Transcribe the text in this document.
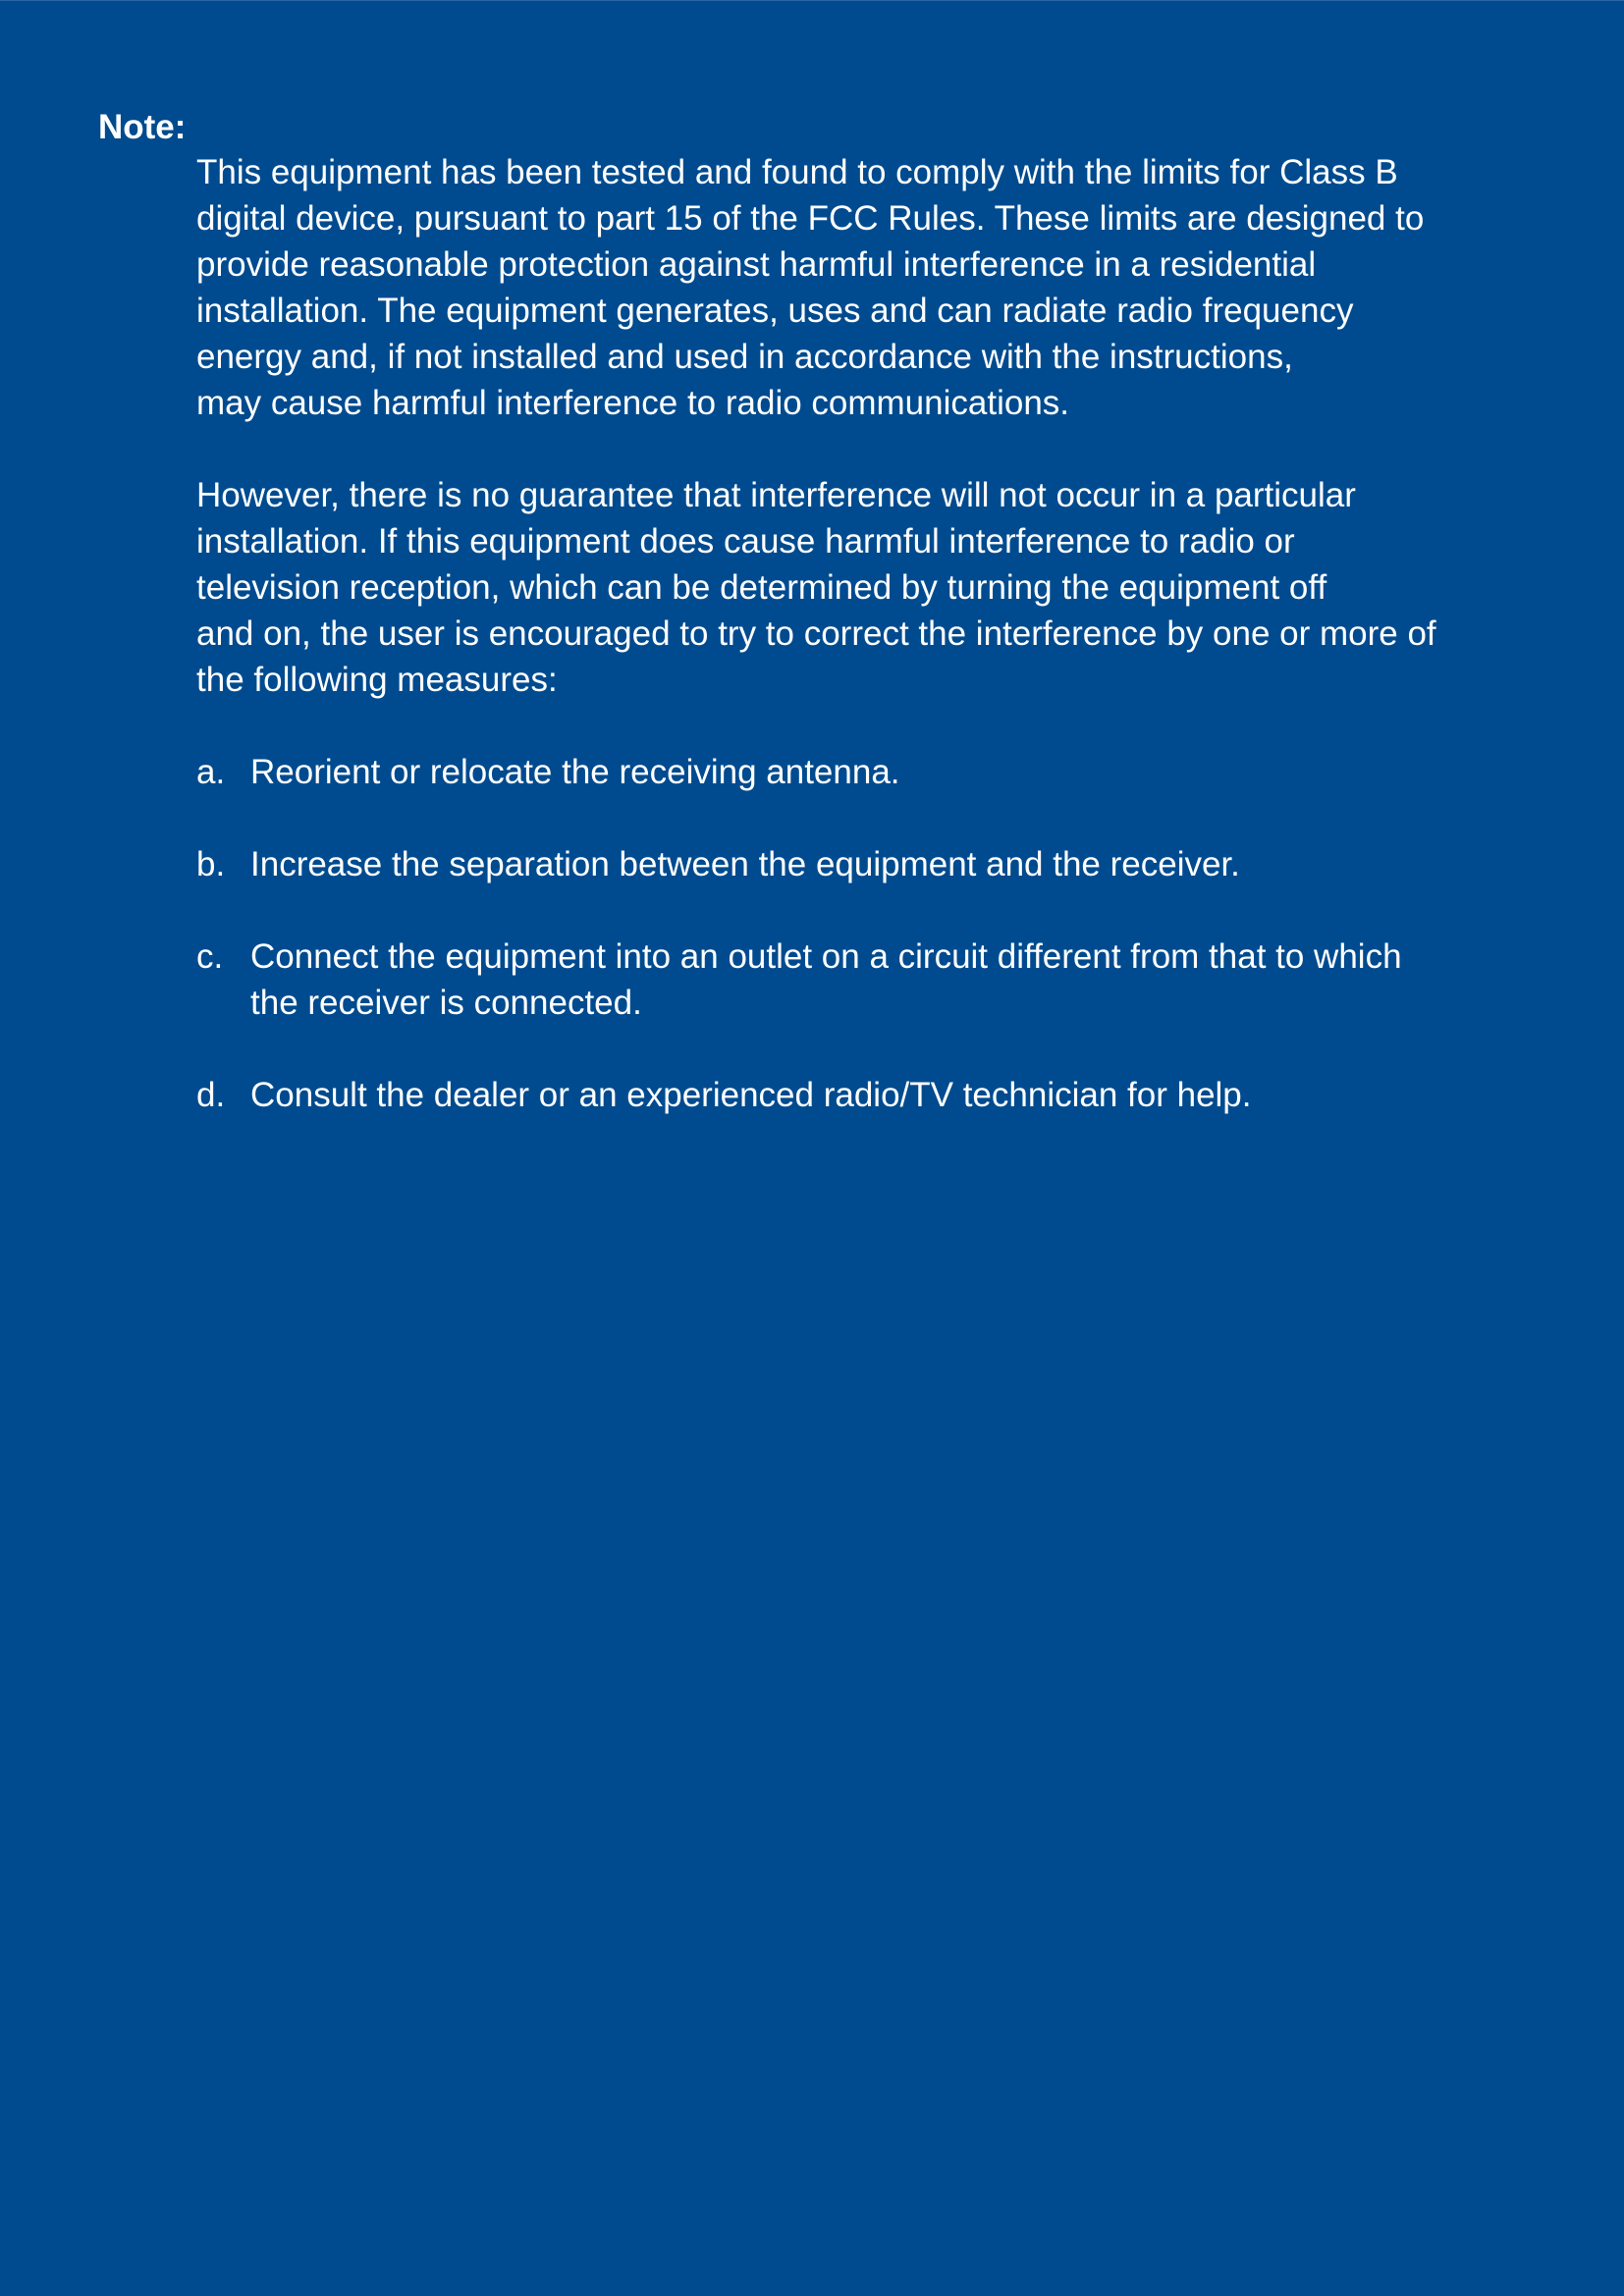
Note:

This equipment has been tested and found to comply with the limits for Class B
digital device, pursuant to part 15 of the FCC Rules. These limits are designed to
provide reasonable protection against harmful interference in a residential
installation. The equipment generates, uses and can radiate radio frequency
energy and, if not installed and used in accordance with the instructions,
may cause harmful interference to radio communications.

However, there is no guarantee that interference will not occur in a particular
installation. If this equipment does cause harmful interference to radio or
television reception, which can be determined by turning the equipment off
and on, the user is encouraged to try to correct the interference by one or more of
the following measures:

a. Reorient or relocate the receiving antenna.
b. Increase the separation between the equipment and the receiver.
c. Connect the equipment into an outlet on a circuit different from that to which
the receiver is connected.
d. Consult the dealer or an experienced radio/TV technician for help.
